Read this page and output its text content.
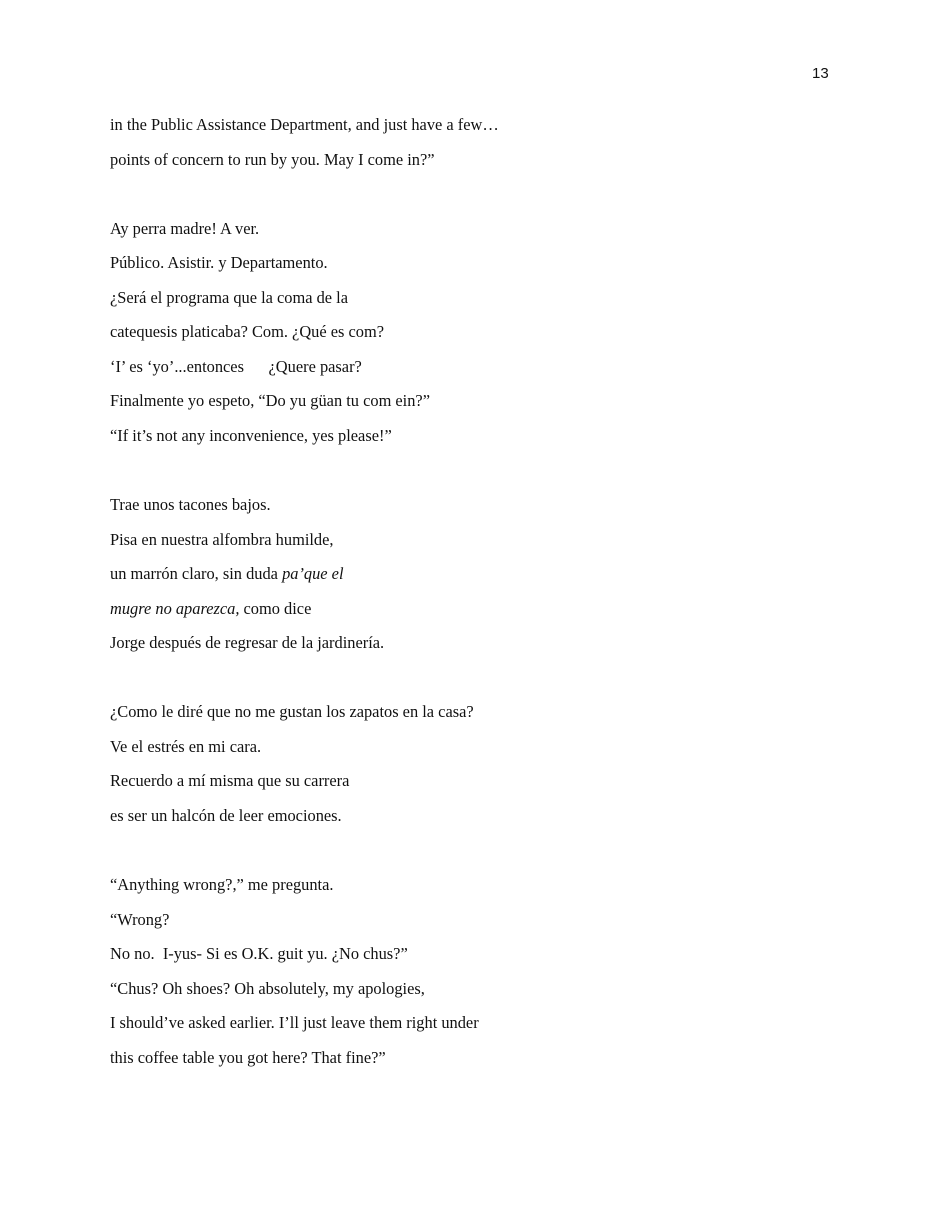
13
in the Public Assistance Department, and just have a few…
points of concern to run by you. May I come in?”
Ay perra madre! A ver.
Público. Asistir. y Departamento.
¿Será el programa que la coma de la
catequesis platicaba? Com. ¿Qué es com?
‘I’ es ‘yo’...entonces      ¿Quere pasar?
Finalmente yo espeto, “Do yu güan tu com ein?”
“If it’s not any inconvenience, yes please!”
Trae unos tacones bajos.
Pisa en nuestra alfombra humilde,
un marrón claro, sin duda pa’que el
mugre no aparezca, como dice
Jorge después de regresar de la jardinería.
¿Como le diré que no me gustan los zapatos en la casa?
Ve el estrés en mi cara.
Recuerdo a mí misma que su carrera
es ser un halcón de leer emociones.
“Anything wrong?,” me pregunta.
“Wrong?
No no.  I-yus- Si es O.K. guit yu. ¿No chus?”
“Chus? Oh shoes? Oh absolutely, my apologies,
I should’ve asked earlier. I’ll just leave them right under
this coffee table you got here? That fine?”
